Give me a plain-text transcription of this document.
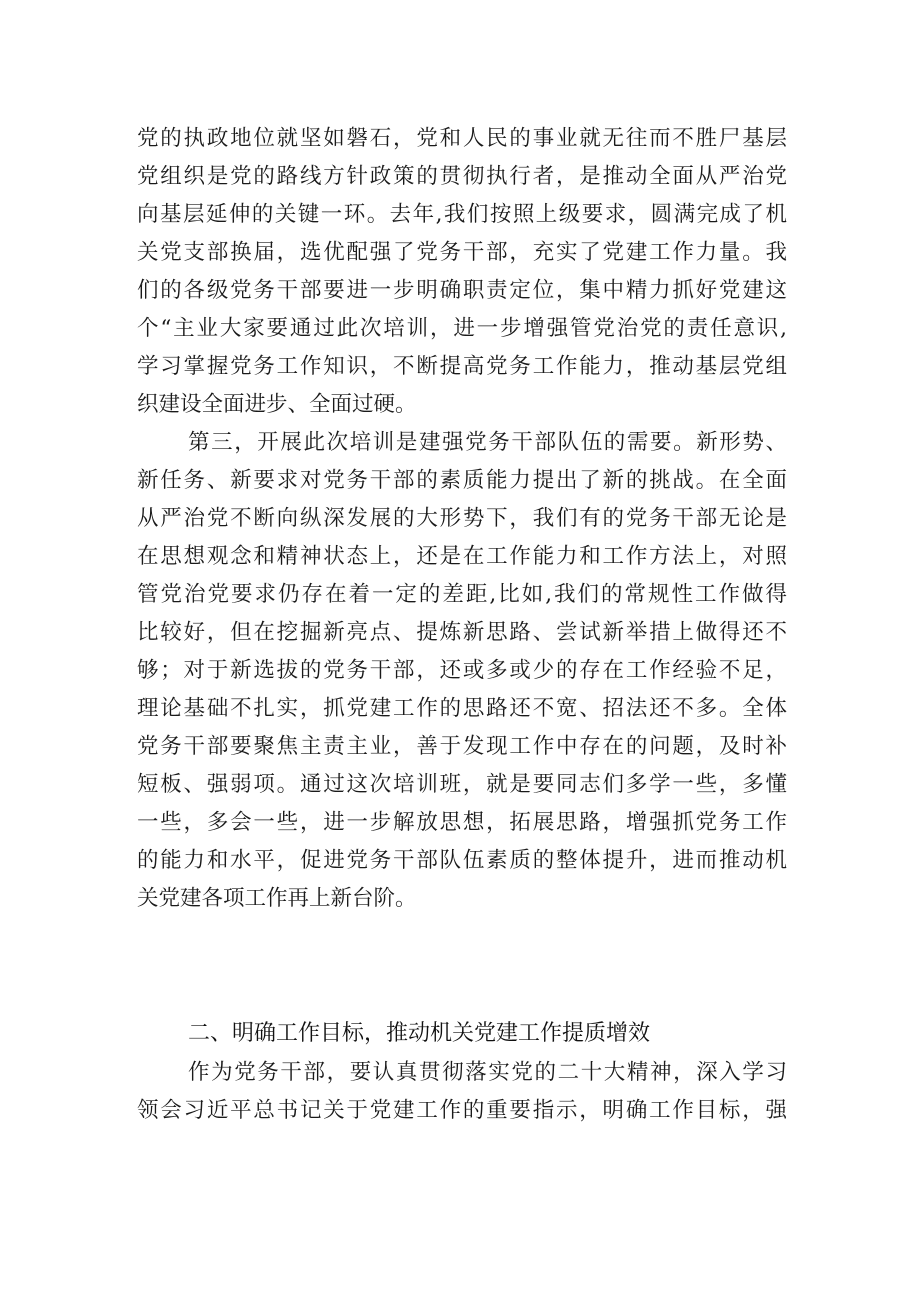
党的执政地位就坚如磐石，党和人民的事业就无往而不胜尸基层
党组织是党的路线方针政策的贯彻执行者，是推动全面从严治党
向基层延伸的关键一环。去年,我们按照上级要求，圆满完成了机
关党支部换届，选优配强了党务干部，充实了党建工作力量。我
们的各级党务干部要进一步明确职责定位，集中精力抓好党建这
个“主业大家要通过此次培训，进一步增强管党治党的责任意识,
学习掌握党务工作知识，不断提高党务工作能力，推动基层党组
织建设全面进步、全面过硬。
第三，开展此次培训是建强党务干部队伍的需要。新形势、
新任务、新要求对党务干部的素质能力提出了新的挑战。在全面
从严治党不断向纵深发展的大形势下，我们有的党务干部无论是
在思想观念和精神状态上，还是在工作能力和工作方法上，对照
管党治党要求仍存在着一定的差距,比如,我们的常规性工作做得
比较好，但在挖掘新亮点、提炼新思路、尝试新举措上做得还不
够；对于新选拔的党务干部，还或多或少的存在工作经验不足，
理论基础不扎实，抓党建工作的思路还不宽、招法还不多。全体
党务干部要聚焦主责主业，善于发现工作中存在的问题，及时补
短板、强弱项。通过这次培训班，就是要同志们多学一些，多懂
一些，多会一些，进一步解放思想，拓展思路，增强抓党务工作
的能力和水平，促进党务干部队伍素质的整体提升，进而推动机
关党建各项工作再上新台阶。
二、明确工作目标，推动机关党建工作提质增效
作为党务干部，要认真贯彻落实党的二十大精神，深入学习
领会习近平总书记关于党建工作的重要指示，明确工作目标，强
